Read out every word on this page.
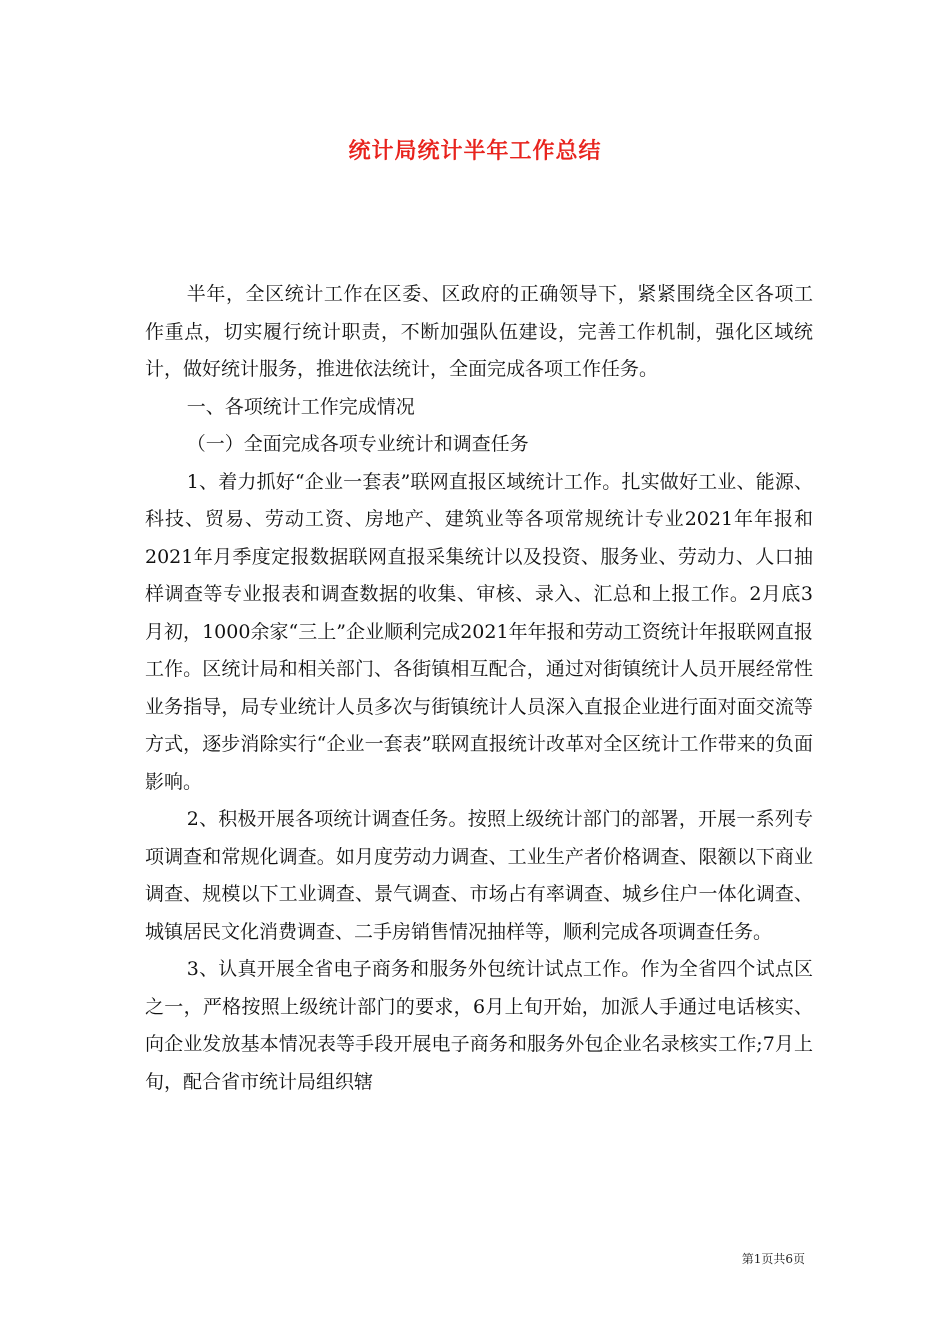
统计局统计半年工作总结

半年，全区统计工作在区委、区政府的正确领导下，紧紧围绕全区各项工作重点，切实履行统计职责，不断加强队伍建设，完善工作机制，强化区域统计，做好统计服务，推进依法统计，全面完成各项工作任务。

一、各项统计工作完成情况

（一）全面完成各项专业统计和调查任务

1、着力抓好“企业一套表”联网直报区域统计工作。扎实做好工业、能源、科技、贸易、劳动工资、房地产、建筑业等各项常规统计专业2021年年报和2021年月季度定报数据联网直报采集统计以及投资、服务业、劳动力、人口抽样调查等专业报表和调查数据的收集、审核、录入、汇总和上报工作。2月底3月初，1000余家“三上”企业顺利完成2021年年报和劳动工资统计年报联网直报工作。区统计局和相关部门、各街镇相互配合，通过对街镇统计人员开展经常性业务指导，局专业统计人员多次与街镇统计人员深入直报企业进行面对面交流等方式，逐步消除实行“企业一套表”联网直报统计改革对全区统计工作带来的负面影响。

2、积极开展各项统计调查任务。按照上级统计部门的部署，开展一系列专项调查和常规化调查。如月度劳动力调查、工业生产者价格调查、限额以下商业调查、规模以下工业调查、景气调查、市场占有率调查、城乡住户一体化调查、城镇居民文化消费调查、二手房销售情况抽样等，顺利完成各项调查任务。

3、认真开展全省电子商务和服务外包统计试点工作。作为全省四个试点区之一，严格按照上级统计部门的要求，6月上旬开始，加派人手通过电话核实、向企业发放基本情况表等手段开展电子商务和服务外包企业名录核实工作;7月上旬，配合省市统计局组织辖

第1页共6页
